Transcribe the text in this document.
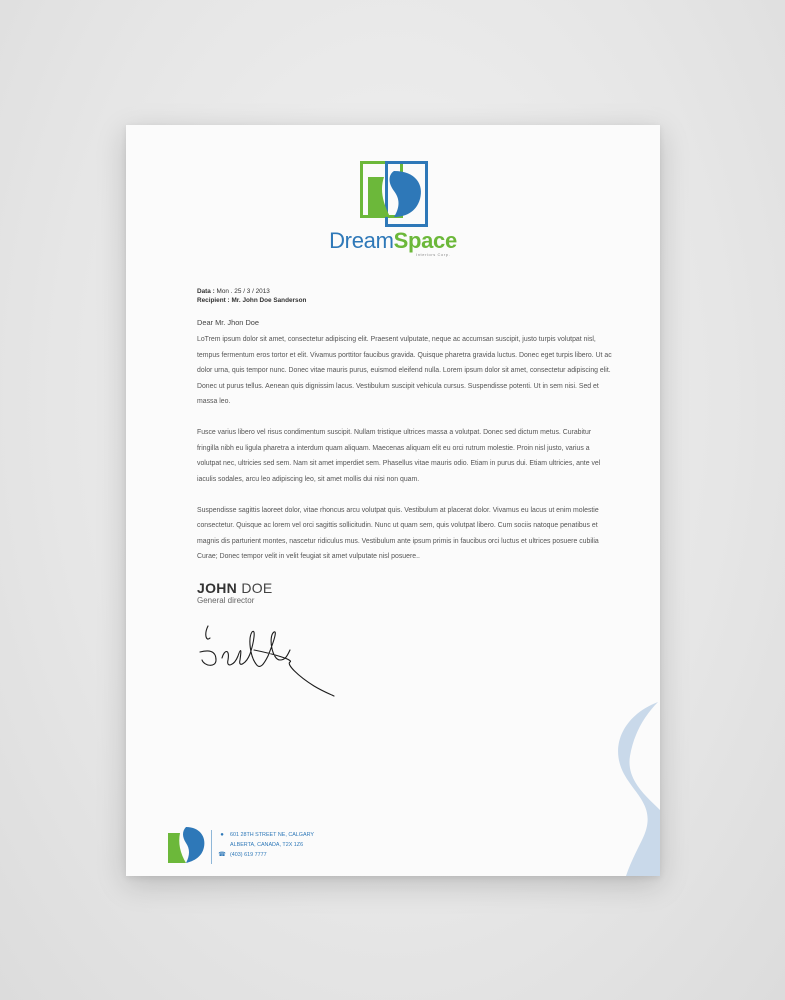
DreamSpace
Interiors Corp.
Data : Mon . 25 / 3 / 2013
Recipient : Mr. John Doe Sanderson
Dear Mr. Jhon Doe

LoTrem ipsum dolor sit amet, consectetur adipiscing elit. Praesent vulputate, neque ac accumsan suscipit, justo turpis volutpat nisl, tempus fermentum eros tortor et elit. Vivamus porttitor faucibus gravida. Quisque pharetra gravida luctus. Donec eget turpis libero. Ut ac dolor urna, quis tempor nunc. Donec vitae mauris purus, euismod eleifend nulla. Lorem ipsum dolor sit amet, consectetur adipiscing elit. Donec ut purus tellus. Aenean quis dignissim lacus. Vestibulum suscipit vehicula cursus. Suspendisse potenti. Ut in sem nisi. Sed et massa leo.

Fusce varius libero vel risus condimentum suscipit. Nullam tristique ultrices massa a volutpat. Donec sed dictum metus. Curabitur fringilla nibh eu ligula pharetra a interdum quam aliquam. Maecenas aliquam elit eu orci rutrum molestie. Proin nisl justo, varius a volutpat nec, ultricies sed sem. Nam sit amet imperdiet sem. Phasellus vitae mauris odio. Etiam in purus dui. Etiam ultricies, ante vel iaculis sodales, arcu leo adipiscing leo, sit amet mollis dui nisi non quam.

Suspendisse sagittis laoreet dolor, vitae rhoncus arcu volutpat quis. Vestibulum at placerat dolor. Vivamus eu lacus ut enim molestie consectetur. Quisque ac lorem vel orci sagittis sollicitudin. Nunc ut quam sem, quis volutpat libero. Cum sociis natoque penatibus et magnis dis parturient montes, nascetur ridiculus mus. Vestibulum ante ipsum primis in faucibus orci luctus et ultrices posuere cubilia Curae; Donec tempor velit in velit feugiat sit amet vulputate nisl posuere..

JOHN DOE
General director
●	601 28TH STREET NE, CALGARY
ALBERTA, CANADA, T2X 1Z6
☎ (403) 619 7777
